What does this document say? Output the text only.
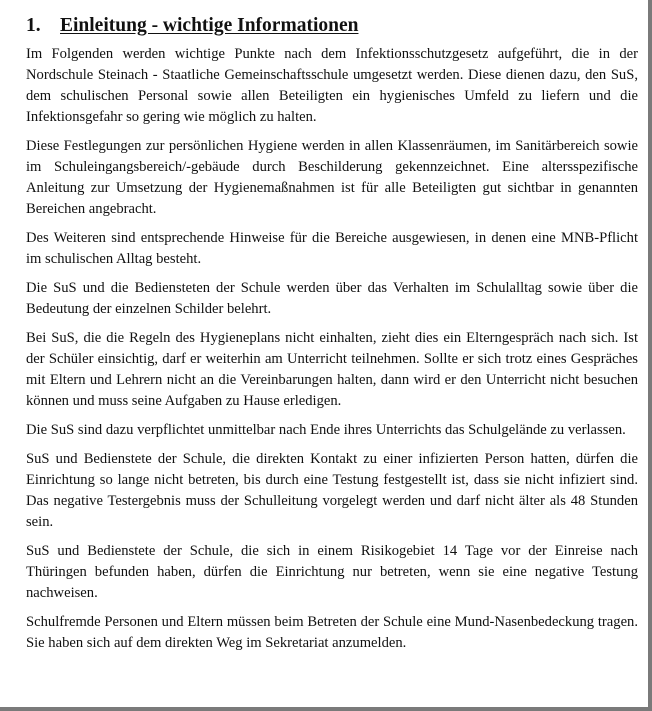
1. Einleitung - wichtige Informationen

Im Folgenden werden wichtige Punkte nach dem Infektionsschutzgesetz aufgeführt, die in der Nordschule Steinach - Staatliche Gemeinschaftsschule umgesetzt werden. Diese dienen dazu, den SuS, dem schulischen Personal sowie allen Beteiligten ein hygienisches Umfeld zu liefern und die Infektionsgefahr so gering wie möglich zu halten.

Diese Festlegungen zur persönlichen Hygiene werden in allen Klassenräumen, im Sanitärbereich sowie im Schuleingangsbereich/-gebäude durch Beschilderung gekennzeichnet. Eine altersspezifische Anleitung zur Umsetzung der Hygienemaßnahmen ist für alle Beteiligten gut sichtbar in genannten Bereichen angebracht.

Des Weiteren sind entsprechende Hinweise für die Bereiche ausgewiesen, in denen eine MNB-Pflicht im schulischen Alltag besteht.

Die SuS und die Bediensteten der Schule werden über das Verhalten im Schulalltag sowie über die Bedeutung der einzelnen Schilder belehrt.

Bei SuS, die die Regeln des Hygieneplans nicht einhalten, zieht dies ein Elterngespräch nach sich. Ist der Schüler einsichtig, darf er weiterhin am Unterricht teilnehmen. Sollte er sich trotz eines Gespräches mit Eltern und Lehrern nicht an die Vereinbarungen halten, dann wird er den Unterricht nicht besuchen können und muss seine Aufgaben zu Hause erledigen.

Die SuS sind dazu verpflichtet unmittelbar nach Ende ihres Unterrichts das Schulgelände zu verlassen.

SuS und Bedienstete der Schule, die direkten Kontakt zu einer infizierten Person hatten, dürfen die Einrichtung so lange nicht betreten, bis durch eine Testung festgestellt ist, dass sie nicht infiziert sind. Das negative Testergebnis muss der Schulleitung vorgelegt werden und darf nicht älter als 48 Stunden sein.

SuS und Bedienstete der Schule, die sich in einem Risikogebiet 14 Tage vor der Einreise nach Thüringen befunden haben, dürfen die Einrichtung nur betreten, wenn sie eine negative Testung nachweisen.

Schulfremde Personen und Eltern müssen beim Betreten der Schule eine Mund-Nasenbedeckung tragen. Sie haben sich auf dem direkten Weg im Sekretariat anzumelden.
